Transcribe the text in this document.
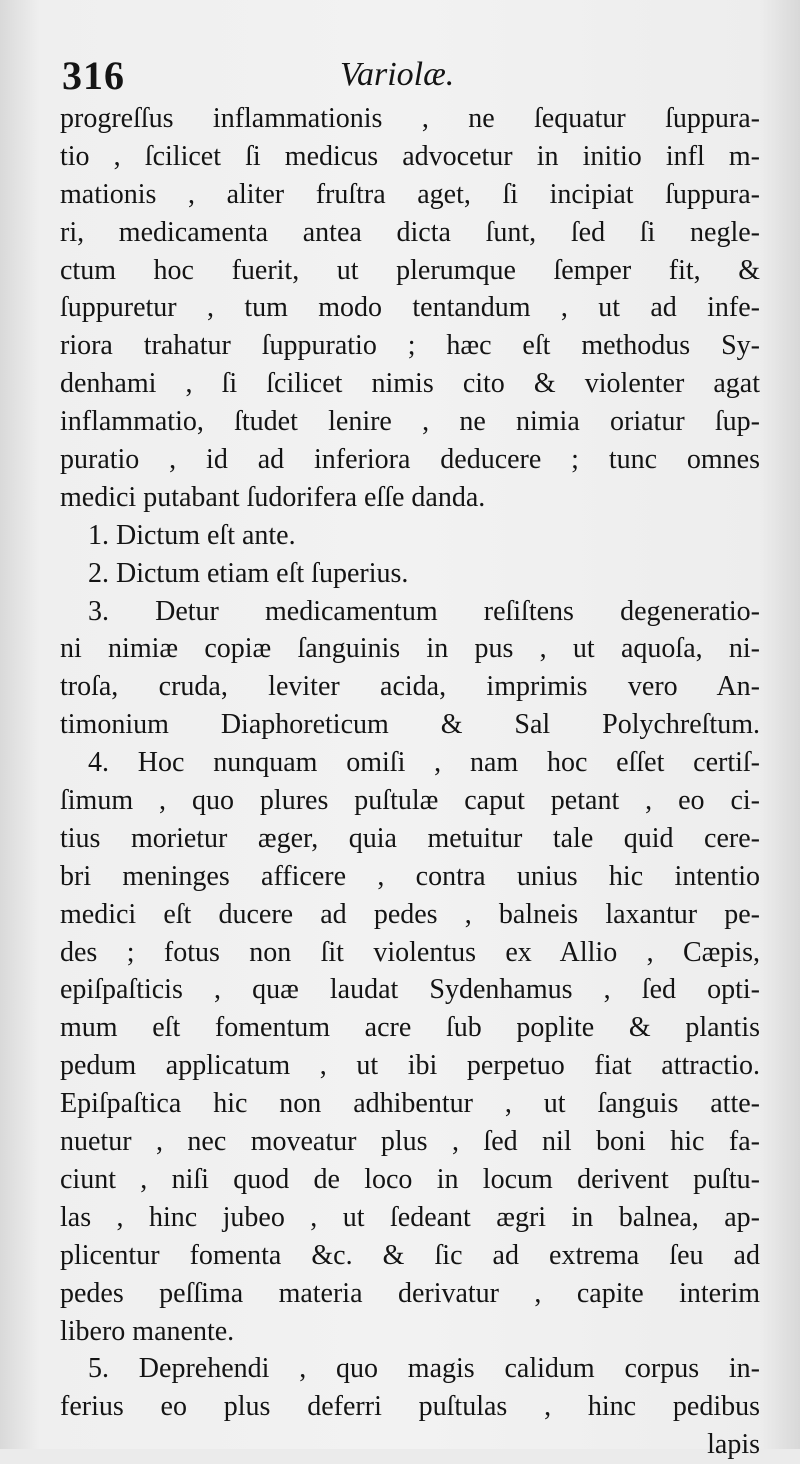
316	Variolæ.
progreſſus inflammationis , ne ſequatur ſuppura-
tio , ſcilicet ſi medicus advocetur in initio infl m-
mationis , aliter fruſtra aget, ſi incipiat ſuppura-
ri, medicamenta antea dicta ſunt, ſed ſi neglе-
ctum hoc fuerit, ut plerumque ſemper fit, &
ſuppuretur , tum modo tentandum , ut ad infe-
riora trahatur ſuppuratio ; hæc eſt methodus Sy-
denhami , ſi ſcilicet nimis cito & violenter agat
inflammatio, ſtudet lenire , ne nimia oriatur ſup-
puratio , id ad inferiora deducere ; tunc omnes
medici putabant ſudorifera eſſe danda.
1. Dictum eſt ante.
2. Dictum etiam eſt ſuperius.
3. Detur medicamentum reſiſtens degeneratio-
ni nimiæ copiæ ſanguinis in pus , ut aquoſa, ni-
troſa, cruda, leviter acida, imprimis vero An-
timonium Diaphoreticum & Sal Polychreſtum.
4. Hoc nunquam omiſi , nam hoc eſſet certiſ-
ſimum , quo plures puſtulæ caput petant , eo ci-
tius morietur æger, quia metuitur tale quid cere-
bri meninges afficere , contra unius hic intentio
medici eſt ducere ad pedes , balneis laxantur pe-
des ; fotus non ſit violentus ex Allio , Cæpis,
epiſpaſticis , quæ laudat Sydenhamus , ſed opti-
mum eſt fomentum acre ſub poplite & plantis
pedum applicatum , ut ibi perpetuo fiat attractio.
Epiſpaſtica hic non adhibentur , ut ſanguis atte-
nuetur , nec moveatur plus , ſed nil boni hic fa-
ciunt , niſi quod de loco in locum derivent puſtu-
las , hinc jubeo , ut ſedeant ægri in balnea, ap-
plicentur fomenta &c. & ſic ad extrema ſeu ad
pedes peſſima materia derivatur , capite interim
libero manente.
5. Deprehendi , quo magis calidum corpus in-
ferius eo plus deferri puſtulas , hinc pedibus
lapis
